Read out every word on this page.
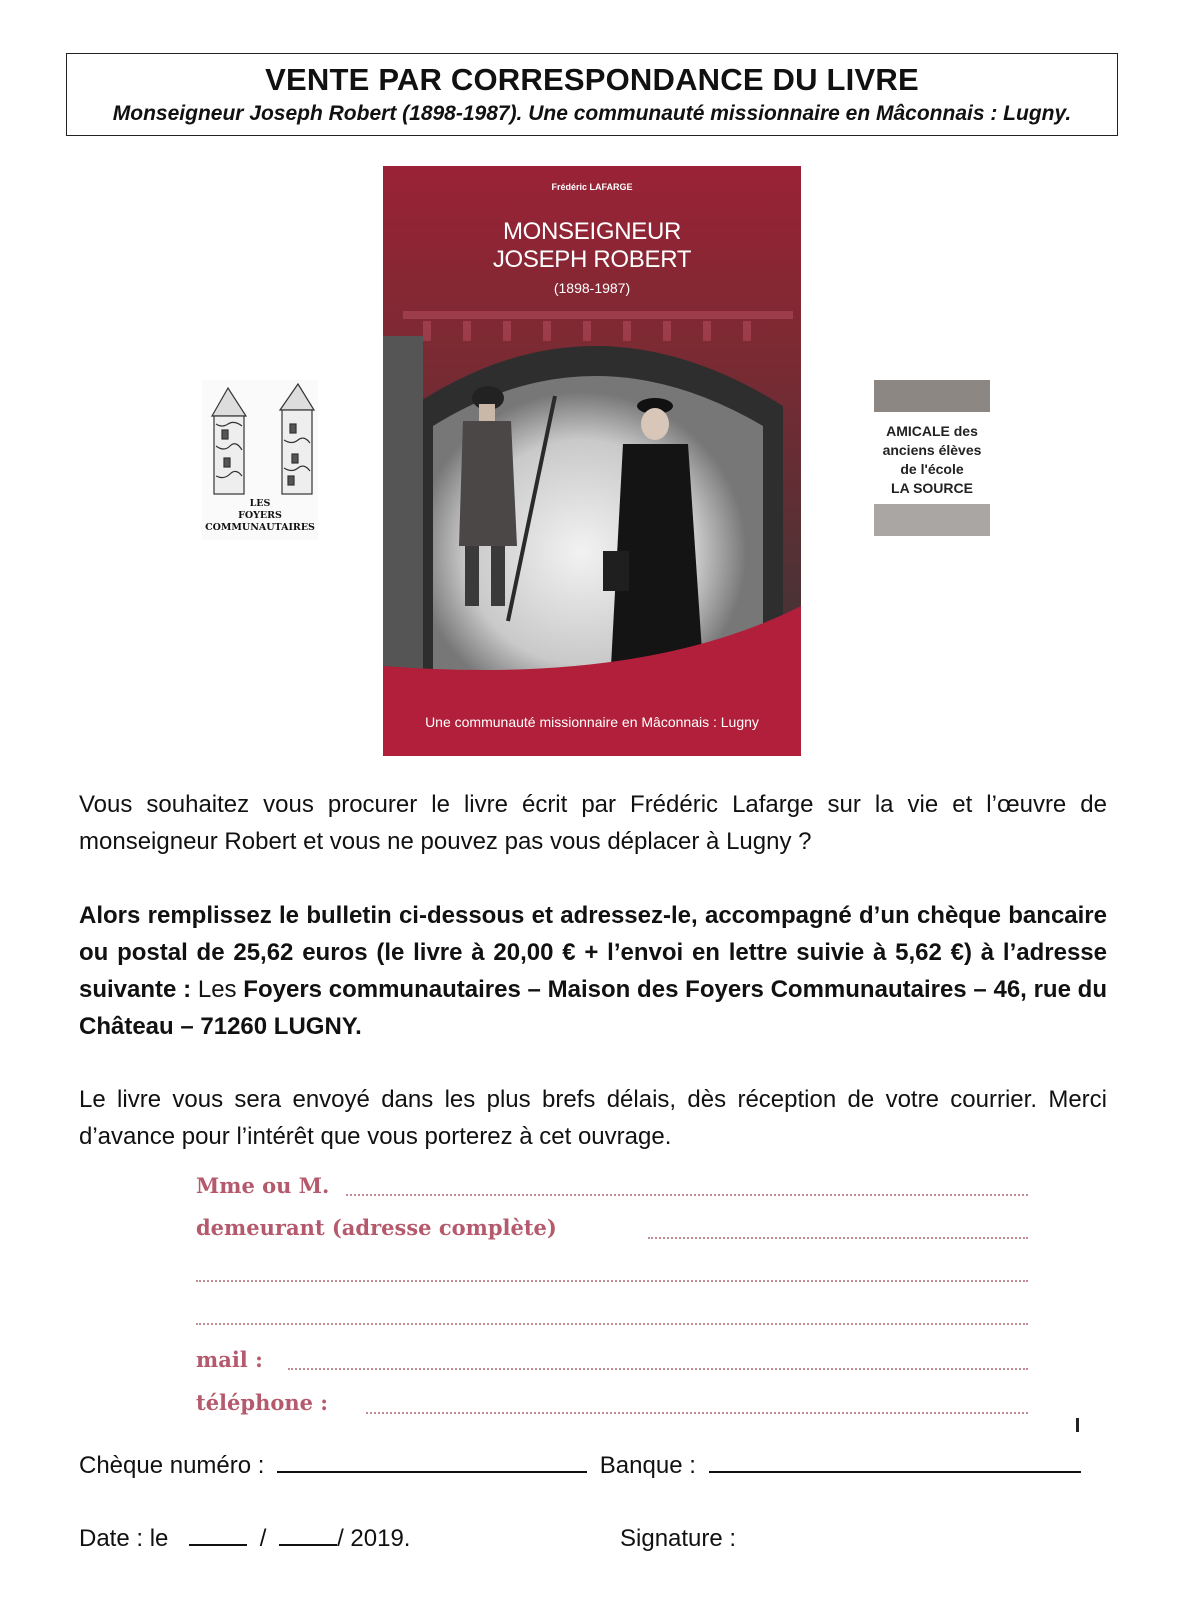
VENTE PAR CORRESPONDANCE DU LIVRE
Monseigneur Joseph Robert (1898-1987). Une communauté missionnaire en Mâconnais : Lugny.
LES
FOYERS
COMMUNAUTAIRES
Frédéric LAFARGE
MONSEIGNEUR
JOSEPH ROBERT
(1898-1987)
Une communauté missionnaire en Mâconnais : Lugny
AMICALE des
anciens élèves
de l'école
LA SOURCE
Vous souhaitez vous procurer le livre écrit par Frédéric Lafarge sur la vie et l’œuvre de monseigneur Robert et vous ne pouvez pas vous déplacer à Lugny ?
Alors remplissez le bulletin ci-dessous et adressez-le, accompagné d’un chèque bancaire ou postal de 25,62 euros (le livre à 20,00 € + l’envoi en lettre suivie à 5,62 €) à l’adresse suivante : Les Foyers communautaires – Maison des Foyers Communautaires – 46, rue du Château – 71260 LUGNY.
Le livre vous sera envoyé dans les plus brefs délais, dès réception de votre courrier. Merci d’avance pour l’intérêt que vous porterez à cet ouvrage.
Mme ou M.
demeurant (adresse complète)
mail :
téléphone :
Chèque numéro :	Banque :
Date : le	/	/ 2019.	Signature :
